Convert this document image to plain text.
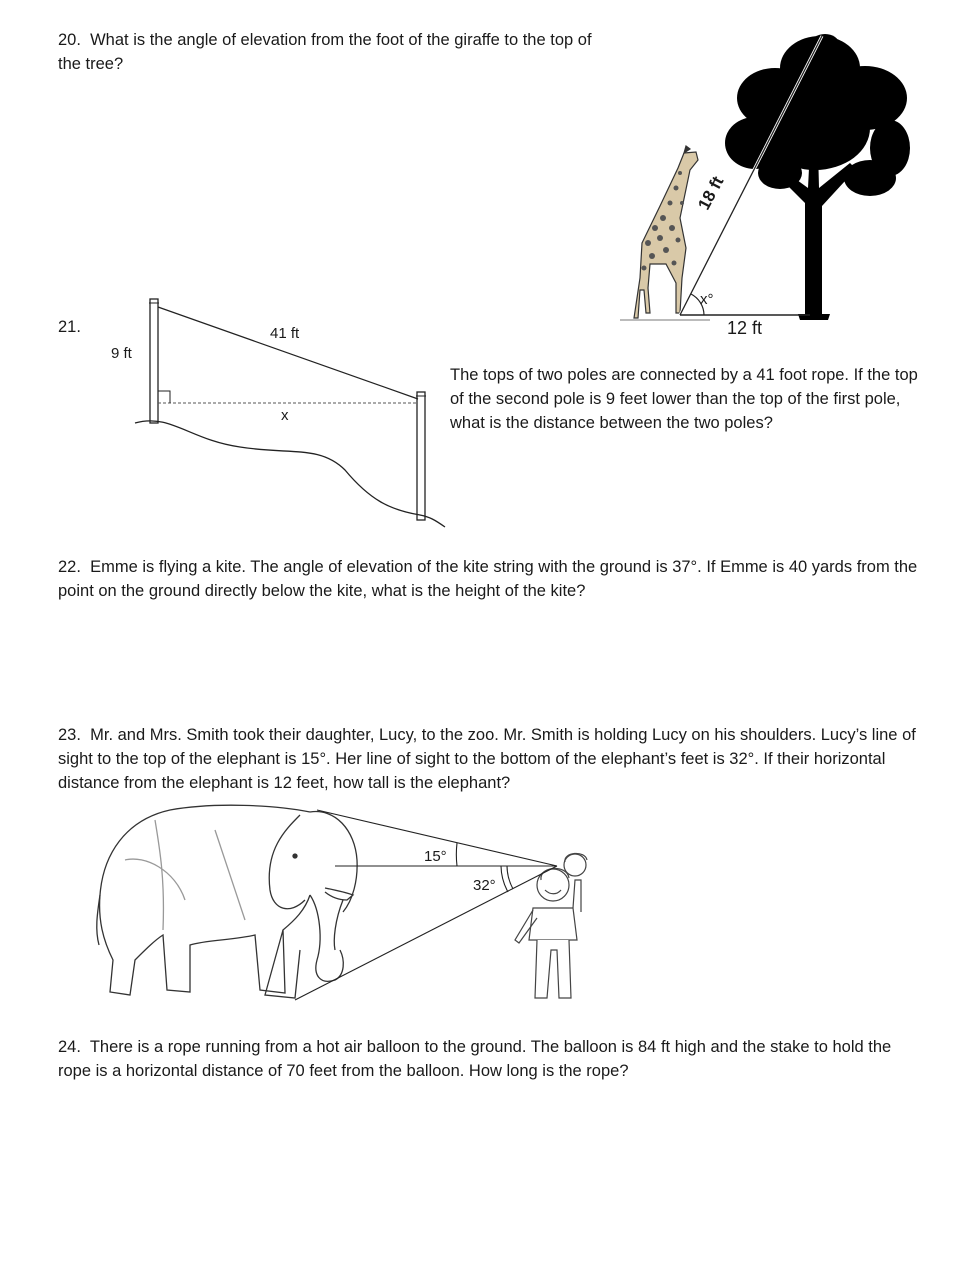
20. What is the angle of elevation from the foot of the giraffe to the top of the tree?

18 ft
x°
12 ft
21.
9 ft
41 ft
x

The tops of two poles are connected by a 41 foot rope. If the top of the second pole is 9 feet lower than the top of the first pole, what is the distance between the two poles?

22. Emme is flying a kite. The angle of elevation of the kite string with the ground is 37°. If Emme is 40 yards from the point on the ground directly below the kite, what is the height of the kite?

23. Mr. and Mrs. Smith took their daughter, Lucy, to the zoo. Mr. Smith is holding Lucy on his shoulders. Lucy’s line of sight to the top of the elephant is 15°. Her line of sight to the bottom of the elephant’s feet is 32°. If their horizontal distance from the elephant is 12 feet, how tall is the elephant?

15°
32°

24. There is a rope running from a hot air balloon to the ground. The balloon is 84 ft high and the stake to hold the rope is a horizontal distance of 70 feet from the balloon. How long is the rope?
